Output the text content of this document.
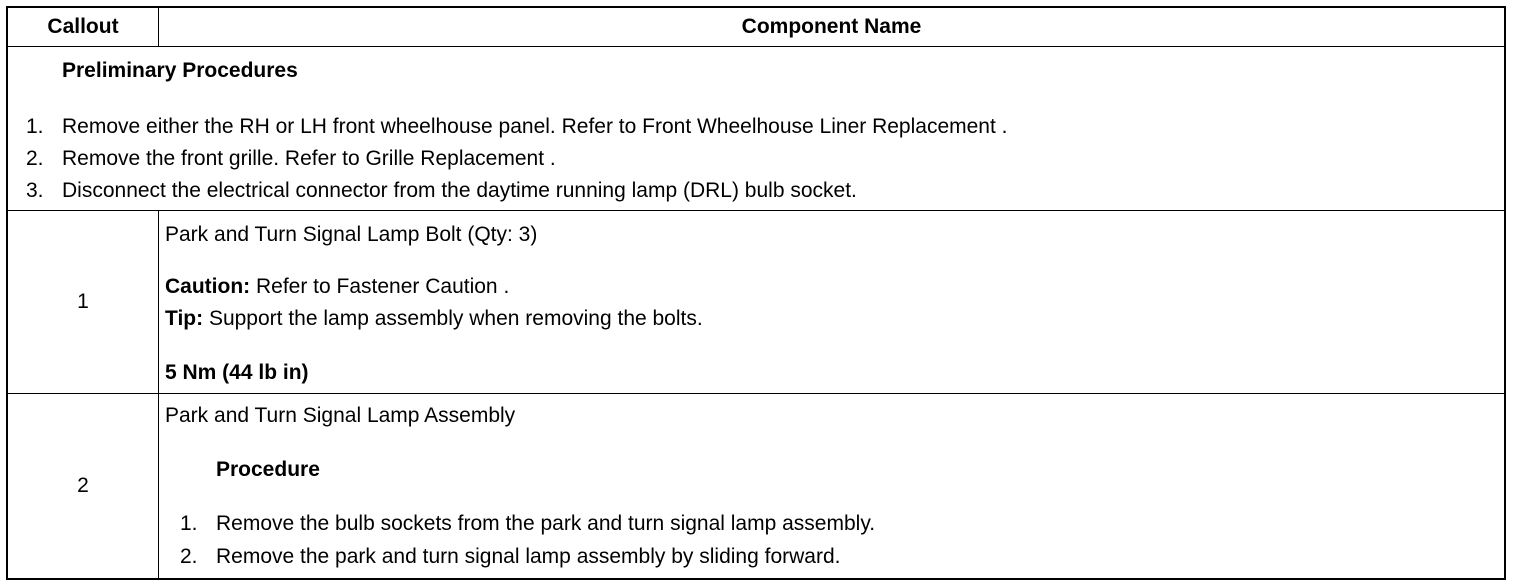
Callout	Component Name
Preliminary Procedures
1. Remove either the RH or LH front wheelhouse panel. Refer to Front Wheelhouse Liner Replacement .
2. Remove the front grille. Refer to Grille Replacement .
3. Disconnect the electrical connector from the daytime running lamp (DRL) bulb socket.
1
Park and Turn Signal Lamp Bolt (Qty: 3)
Caution: Refer to Fastener Caution .
Tip: Support the lamp assembly when removing the bolts.
5 Nm (44 lb in)
2
Park and Turn Signal Lamp Assembly
Procedure
1. Remove the bulb sockets from the park and turn signal lamp assembly.
2. Remove the park and turn signal lamp assembly by sliding forward.
